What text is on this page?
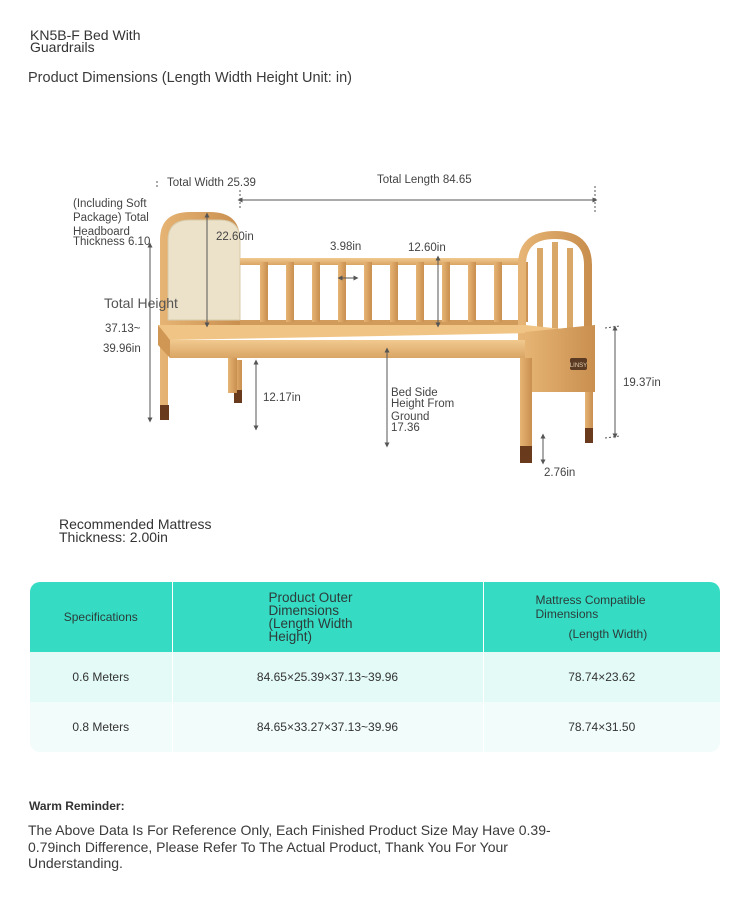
KN5B-F Bed With Guardrails
Product Dimensions (Length Width Height Unit: in)
LINSY
Total Width 25.39	Total Length 84.65
(Including Soft
Package) Total
Headboard
Thickness 6.10	22.60in
3.98in	12.60in
Total Height
37.13~
39.96in
12.17in	Bed Side
Height From
Ground
17.36
19.37in
2.76in
Recommended Mattress Thickness: 2.00in
Specifications	Product Outer Dimensions (Length Width Height)	Mattress Compatible Dimensions
(Length Width)

0.6 Meters	84.65×25.39×37.13~39.96	78.74×23.62
0.8 Meters	84.65×33.27×37.13~39.96	78.74×31.50
Warm Reminder:
The Above Data Is For Reference Only, Each Finished Product Size May Have 0.39-0.79inch Difference, Please Refer To The Actual Product, Thank You For Your Understanding.
